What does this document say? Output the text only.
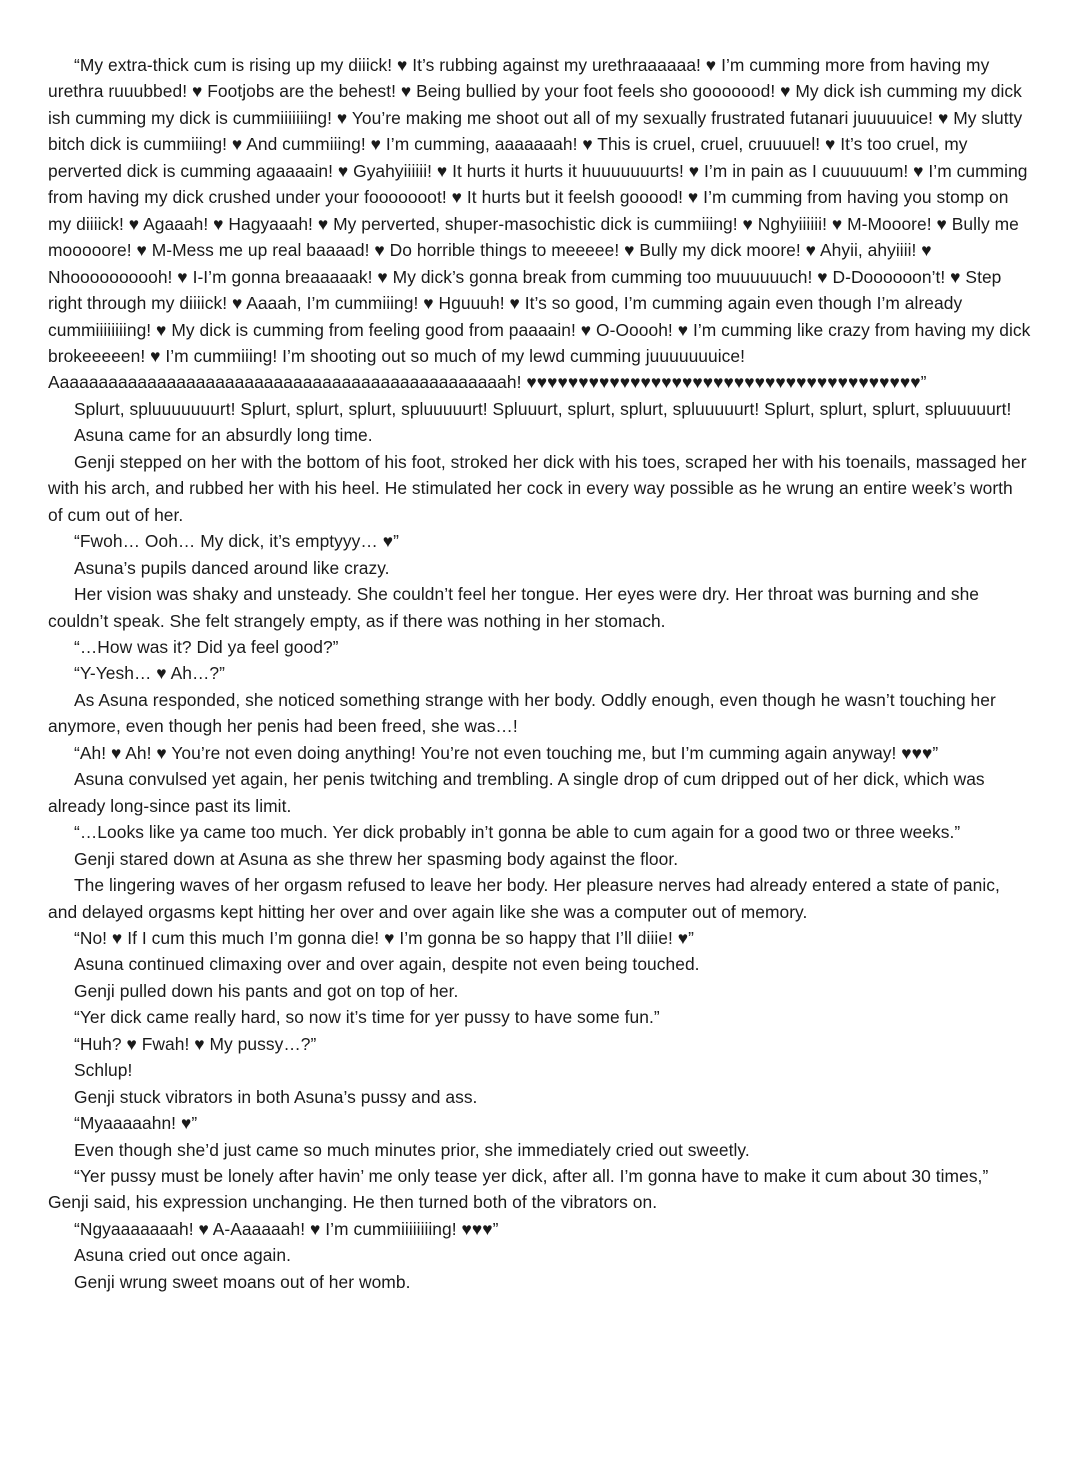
“My extra-thick cum is rising up my diiick! ♥ It’s rubbing against my urethraaaaaa! ♥ I’m cumming more from having my urethra ruuubbed! ♥ Footjobs are the behest! ♥ Being bullied by your foot feels sho gooooood! ♥ My dick ish cumming my dick ish cumming my dick is cummiiiiiiing! ♥ You’re making me shoot out all of my sexually frustrated futanari juuuuuice! ♥ My slutty bitch dick is cummiiing! ♥ And cummiiing! ♥ I’m cumming, aaaaaaah! ♥ This is cruel, cruel, cruuuuel! ♥ It’s too cruel, my perverted dick is cumming agaaaain! ♥ Gyahyiiiiii! ♥ It hurts it hurts it huuuuuuurts! ♥ I’m in pain as I cuuuuuum! ♥ I’m cumming from having my dick crushed under your fooooooot! ♥ It hurts but it feelsh gooood! ♥ I’m cumming from having you stomp on my diiiick! ♥ Agaaah! ♥ Hagyaaah! ♥ My perverted, shuper-masochistic dick is cummiiing! ♥ Nghyiiiiii! ♥ M-Mooore! ♥ Bully me mooooore! ♥ M-Mess me up real baaaad! ♥ Do horrible things to meeeee! ♥ Bully my dick moore! ♥ Ahyii, ahyiiii! ♥ Nhoooooooooh! ♥ I-I’m gonna breaaaaak! ♥ My dick’s gonna break from cumming too muuuuuuch! ♥ D-Doooooon’t! ♥ Step right through my diiiick! ♥ Aaaah, I’m cummiiing! ♥ Hguuuh! ♥ It’s so good, I’m cumming again even though I’m already cummiiiiiiiing! ♥ My dick is cumming from feeling good from paaaain! ♥ O-Ooooh! ♥ I’m cumming like crazy from having my dick brokeeeeen! ♥ I’m cummiiing! I’m shooting out so much of my lewd cumming juuuuuuuice! Aaaaaaaaaaaaaaaaaaaaaaaaaaaaaaaaaaaaaaaaaaaaaaah! ♥♥♥♥♥♥♥♥♥♥♥♥♥♥♥♥♥♥♥♥♥♥♥♥♥♥♥♥♥♥♥♥♥♥♥♥♥♥”

Splurt, spluuuuuuurt! Splurt, splurt, splurt, spluuuuurt! Spluuurt, splurt, splurt, spluuuuurt! Splurt, splurt, splurt, spluuuuurt!

Asuna came for an absurdly long time.

Genji stepped on her with the bottom of his foot, stroked her dick with his toes, scraped her with his toenails, massaged her with his arch, and rubbed her with his heel. He stimulated her cock in every way possible as he wrung an entire week’s worth of cum out of her.

“Fwoh… Ooh… My dick, it’s emptyyy… ♥”

Asuna’s pupils danced around like crazy.

Her vision was shaky and unsteady. She couldn’t feel her tongue. Her eyes were dry. Her throat was burning and she couldn’t speak. She felt strangely empty, as if there was nothing in her stomach.

“…How was it? Did ya feel good?”

“Y-Yesh… ♥ Ah…?”

As Asuna responded, she noticed something strange with her body. Oddly enough, even though he wasn’t touching her anymore, even though her penis had been freed, she was…!

“Ah! ♥ Ah! ♥ You’re not even doing anything! You’re not even touching me, but I’m cumming again anyway! ♥♥♥”

Asuna convulsed yet again, her penis twitching and trembling. A single drop of cum dripped out of her dick, which was already long-since past its limit.

“…Looks like ya came too much. Yer dick probably in’t gonna be able to cum again for a good two or three weeks.”

Genji stared down at Asuna as she threw her spasming body against the floor.

The lingering waves of her orgasm refused to leave her body. Her pleasure nerves had already entered a state of panic, and delayed orgasms kept hitting her over and over again like she was a computer out of memory.

“No! ♥ If I cum this much I’m gonna die! ♥ I’m gonna be so happy that I’ll diiie! ♥”

Asuna continued climaxing over and over again, despite not even being touched.

Genji pulled down his pants and got on top of her.

“Yer dick came really hard, so now it’s time for yer pussy to have some fun.”

“Huh? ♥ Fwah! ♥ My pussy…?”

Schlup!

Genji stuck vibrators in both Asuna’s pussy and ass.

“Myaaaaahn! ♥”

Even though she’d just came so much minutes prior, she immediately cried out sweetly.

“Yer pussy must be lonely after havin’ me only tease yer dick, after all. I’m gonna have to make it cum about 30 times,” Genji said, his expression unchanging. He then turned both of the vibrators on.

“Ngyaaaaaaah! ♥ A-Aaaaaah! ♥ I’m cummiiiiiiiing! ♥♥♥”

Asuna cried out once again.

Genji wrung sweet moans out of her womb.
